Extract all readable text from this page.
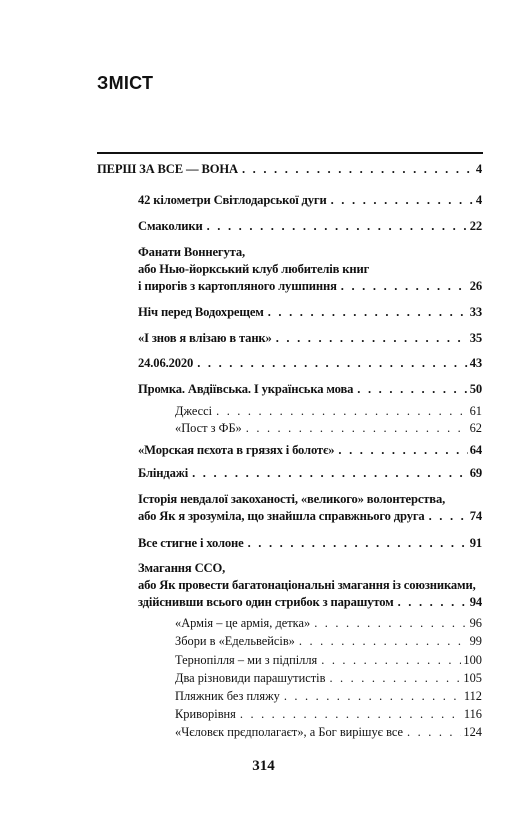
ЗМІСТ
ПЕРШ ЗА ВСЕ — ВОНА . . .	4
42 кілометри Світлодарської дуги . . .	4
Смаколики . . .	22
Фанати Воннегута,
або Нью-йоркський клуб любителів книг
і пирогів з картопляного лушпиння . . .	26
Ніч перед Водохрещем . . .	33
«І знов я влізаю в танк» . . .	35
24.06.2020 . . .	43
Промка. Авдіївська. І українська мова . . .	50
Джессі . . .	61
«Пост з ФБ» . . .	62
«Морская пєхота в грязях і болотє» . . .	64
Бліндажі . . .	69
Історія невдалої закоханості, «великого» волонтерства,
або Як я зрозуміла, що знайшла справжнього друга . . .	74
Все стигне і холоне . . .	91
Змагання ССО,
або Як провести багатонаціональні змагання із союзниками,
здійснивши всього один стрибок з парашутом . . .	94
«Армія – це армія, детка» . . .	96
Збори в «Едельвейсів» . . .	99
Тернопілля – ми з підпілля . . .	100
Два різновиди парашутистів . . .	105
Пляжник без пляжу . . .	112
Криворівня . . .	116
«Чєловєк прєдполагаєт», а Бог вирішує все . . .	124
314
